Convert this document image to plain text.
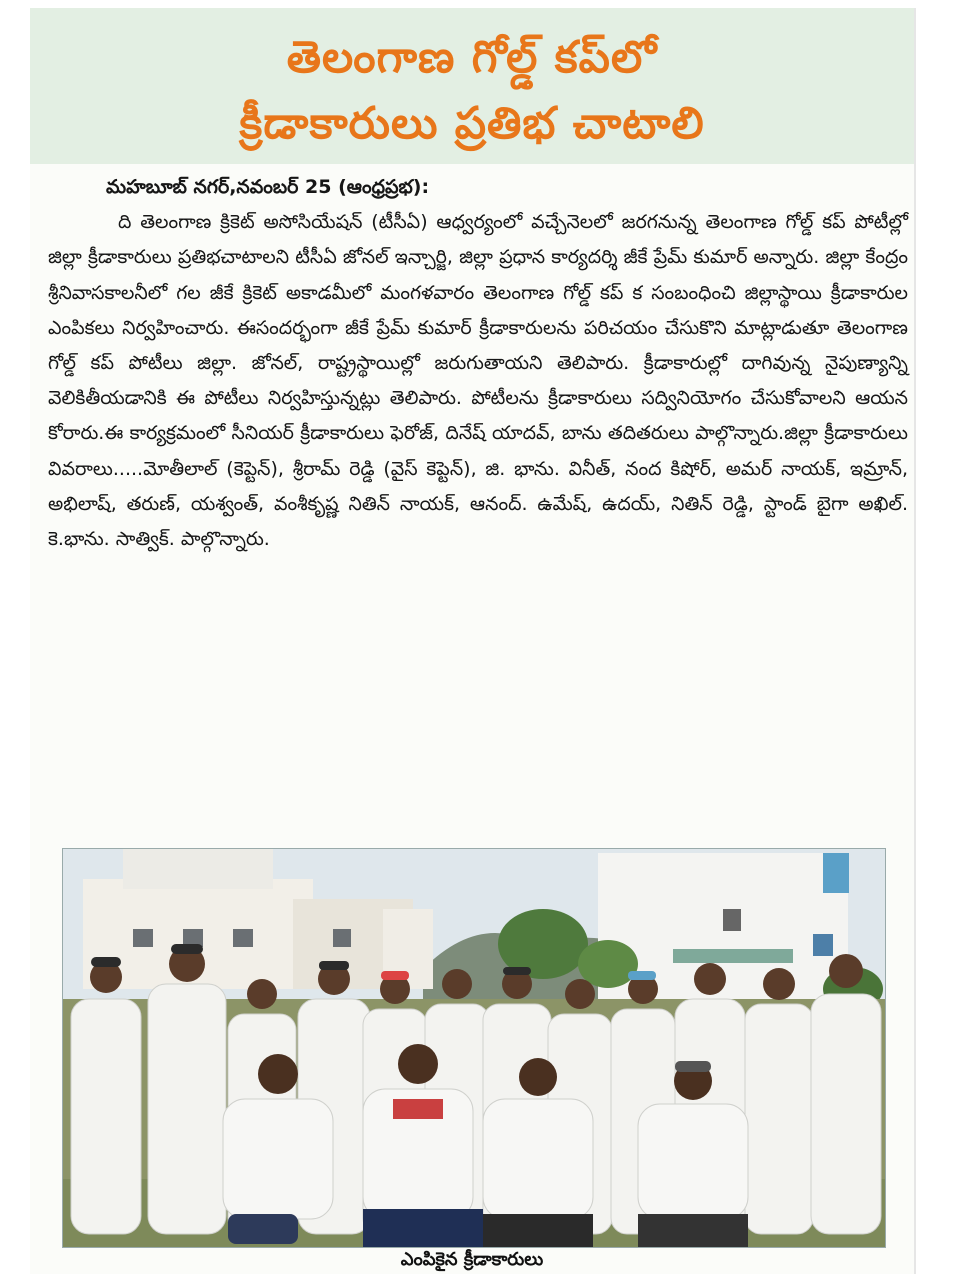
తెలంగాణ గోల్డ్ కప్‌లో
క్రీడాకారులు ప్రతిభ చాటాలి
మహబూబ్ నగర్,నవంబర్ 25 (ఆంధ్రప్రభ):
ది తెలంగాణ క్రికెట్ అసోసియేషన్ (టీసీఏ) ఆధ్వర్యంలో వచ్చేనెలలో జరగనున్న తెలంగాణ గోల్డ్ కప్ పోటీల్లో జిల్లా క్రీడాకారులు ప్రతిభచాటాలని టీసీఏ జోనల్ ఇన్చార్జి, జిల్లా ప్రధాన కార్యదర్శి జీకే ప్రేమ్ కుమార్ అన్నారు. జిల్లా కేంద్రం శ్రీనివాసకాలనీలో గల జీకే క్రికెట్ అకాడమీలో మంగళవారం తెలంగాణ గోల్డ్ కప్ క సంబంధించి జిల్లాస్థాయి క్రీడాకారుల ఎంపికలు నిర్వహించారు. ఈసందర్భంగా జీకే ప్రేమ్ కుమార్ క్రీడాకారులను పరిచయం చేసుకొని మాట్లాడుతూ తెలంగాణ గోల్డ్ కప్ పోటీలు జిల్లా. జోనల్, రాష్ట్రస్థాయిల్లో జరుగుతాయని తెలిపారు. క్రీడాకారుల్లో దాగివున్న నైపుణ్యాన్ని వెలికితీయడానికి ఈ పోటీలు నిర్వహిస్తున్నట్లు తెలిపారు. పోటీలను క్రీడాకారులు సద్వినియోగం చేసుకోవాలని ఆయన కోరారు.ఈ కార్యక్రమంలో సీనియర్ క్రీడాకారులు ఫెరోజ్, దినేష్ యాదవ్, బాను తదితరులు పాల్గొన్నారు.జిల్లా క్రీడాకారులు వివరాలు.....మోతీలాల్ (కెప్టెన్), శ్రీరామ్ రెడ్డి (వైస్ కెప్టెన్), జి. భాను. వినీత్, నంద కిషోర్, అమర్ నాయక్, ఇమ్రాన్, అభిలాష్, తరుణ్, యశ్వంత్, వంశీకృష్ణ నితిన్ నాయక్, ఆనంద్. ఉమేష్, ఉదయ్, నితిన్ రెడ్డి, స్టాండ్ బైగా అఖిల్. కె.భాను. సాత్విక్. పాల్గొన్నారు.
ఎంపికైన క్రీడాకారులు
